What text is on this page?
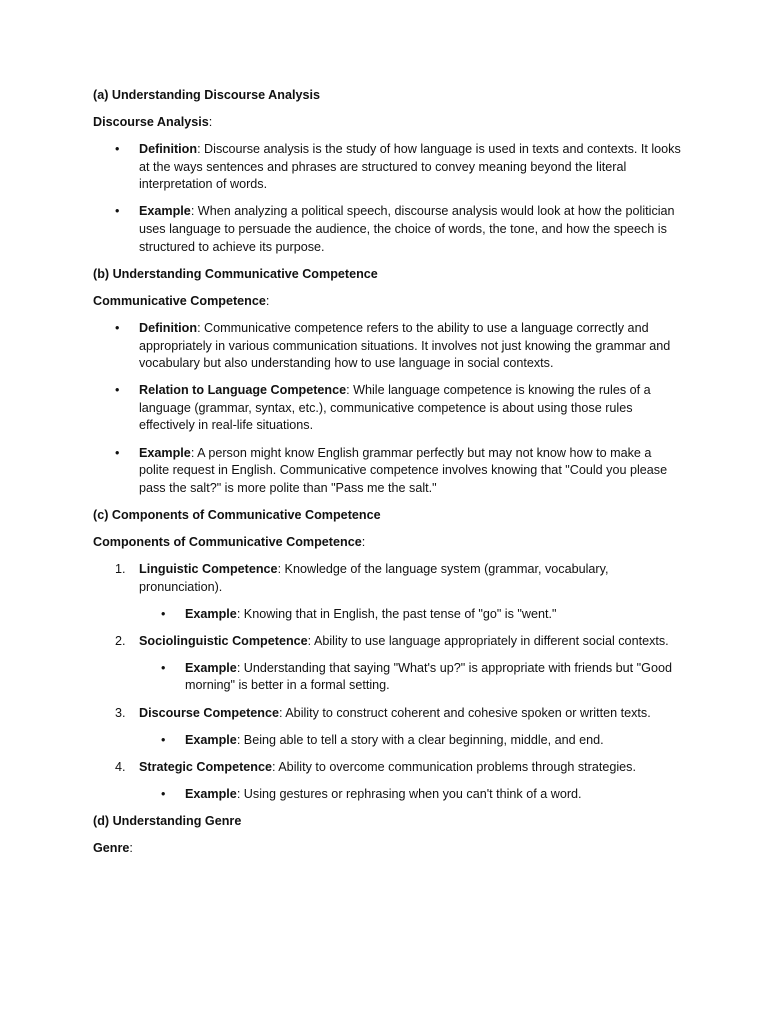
(a) Understanding Discourse Analysis

Discourse Analysis:

• Definition: Discourse analysis is the study of how language is used in texts and contexts. It looks at the ways sentences and phrases are structured to convey meaning beyond the literal interpretation of words.
• Example: When analyzing a political speech, discourse analysis would look at how the politician uses language to persuade the audience, the choice of words, the tone, and how the speech is structured to achieve its purpose.

(b) Understanding Communicative Competence

Communicative Competence:

• Definition: Communicative competence refers to the ability to use a language correctly and appropriately in various communication situations. It involves not just knowing the grammar and vocabulary but also understanding how to use language in social contexts.
• Relation to Language Competence: While language competence is knowing the rules of a language (grammar, syntax, etc.), communicative competence is about using those rules effectively in real-life situations.
• Example: A person might know English grammar perfectly but may not know how to make a polite request in English. Communicative competence involves knowing that "Could you please pass the salt?" is more polite than "Pass me the salt."

(c) Components of Communicative Competence

Components of Communicative Competence:

1. Linguistic Competence: Knowledge of the language system (grammar, vocabulary, pronunciation).

• Example: Knowing that in English, the past tense of "go" is "went."
2. Sociolinguistic Competence: Ability to use language appropriately in different social contexts.

• Example: Understanding that saying "What's up?" is appropriate with friends but "Good morning" is better in a formal setting.
3. Discourse Competence: Ability to construct coherent and cohesive spoken or written texts.

• Example: Being able to tell a story with a clear beginning, middle, and end.
4. Strategic Competence: Ability to overcome communication problems through strategies.

• Example: Using gestures or rephrasing when you can't think of a word.

(d) Understanding Genre

Genre:
